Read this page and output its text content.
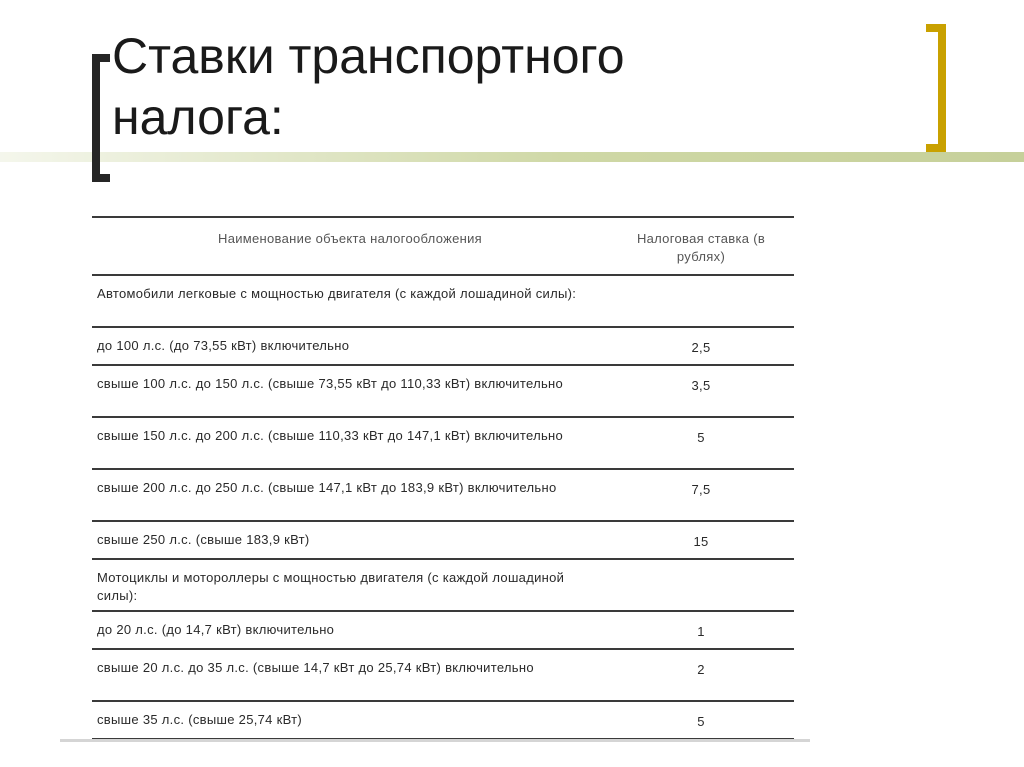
Ставки транспортного
налога:
Наименование объекта налогообложения	Налоговая ставка (в рублях)

Автомобили легковые с мощностью двигателя (с каждой лошадиной силы):	

до 100 л.с. (до 73,55 кВт) включительно	2,5

свыше 100 л.с. до 150 л.с. (свыше 73,55 кВт до 110,33 кВт) включительно	3,5

свыше 150 л.с. до 200 л.с. (свыше 110,33 кВт до 147,1 кВт) включительно	5

свыше 200 л.с. до 250 л.с. (свыше 147,1 кВт до 183,9 кВт) включительно	7,5

свыше 250 л.с. (свыше 183,9 кВт)	15

Мотоциклы и мотороллеры с мощностью двигателя (с каждой лошадиной силы):	

до 20 л.с. (до 14,7 кВт) включительно	1

свыше 20 л.с. до 35 л.с. (свыше 14,7 кВт до 25,74 кВт) включительно	2

свыше 35 л.с. (свыше 25,74 кВт)	5
